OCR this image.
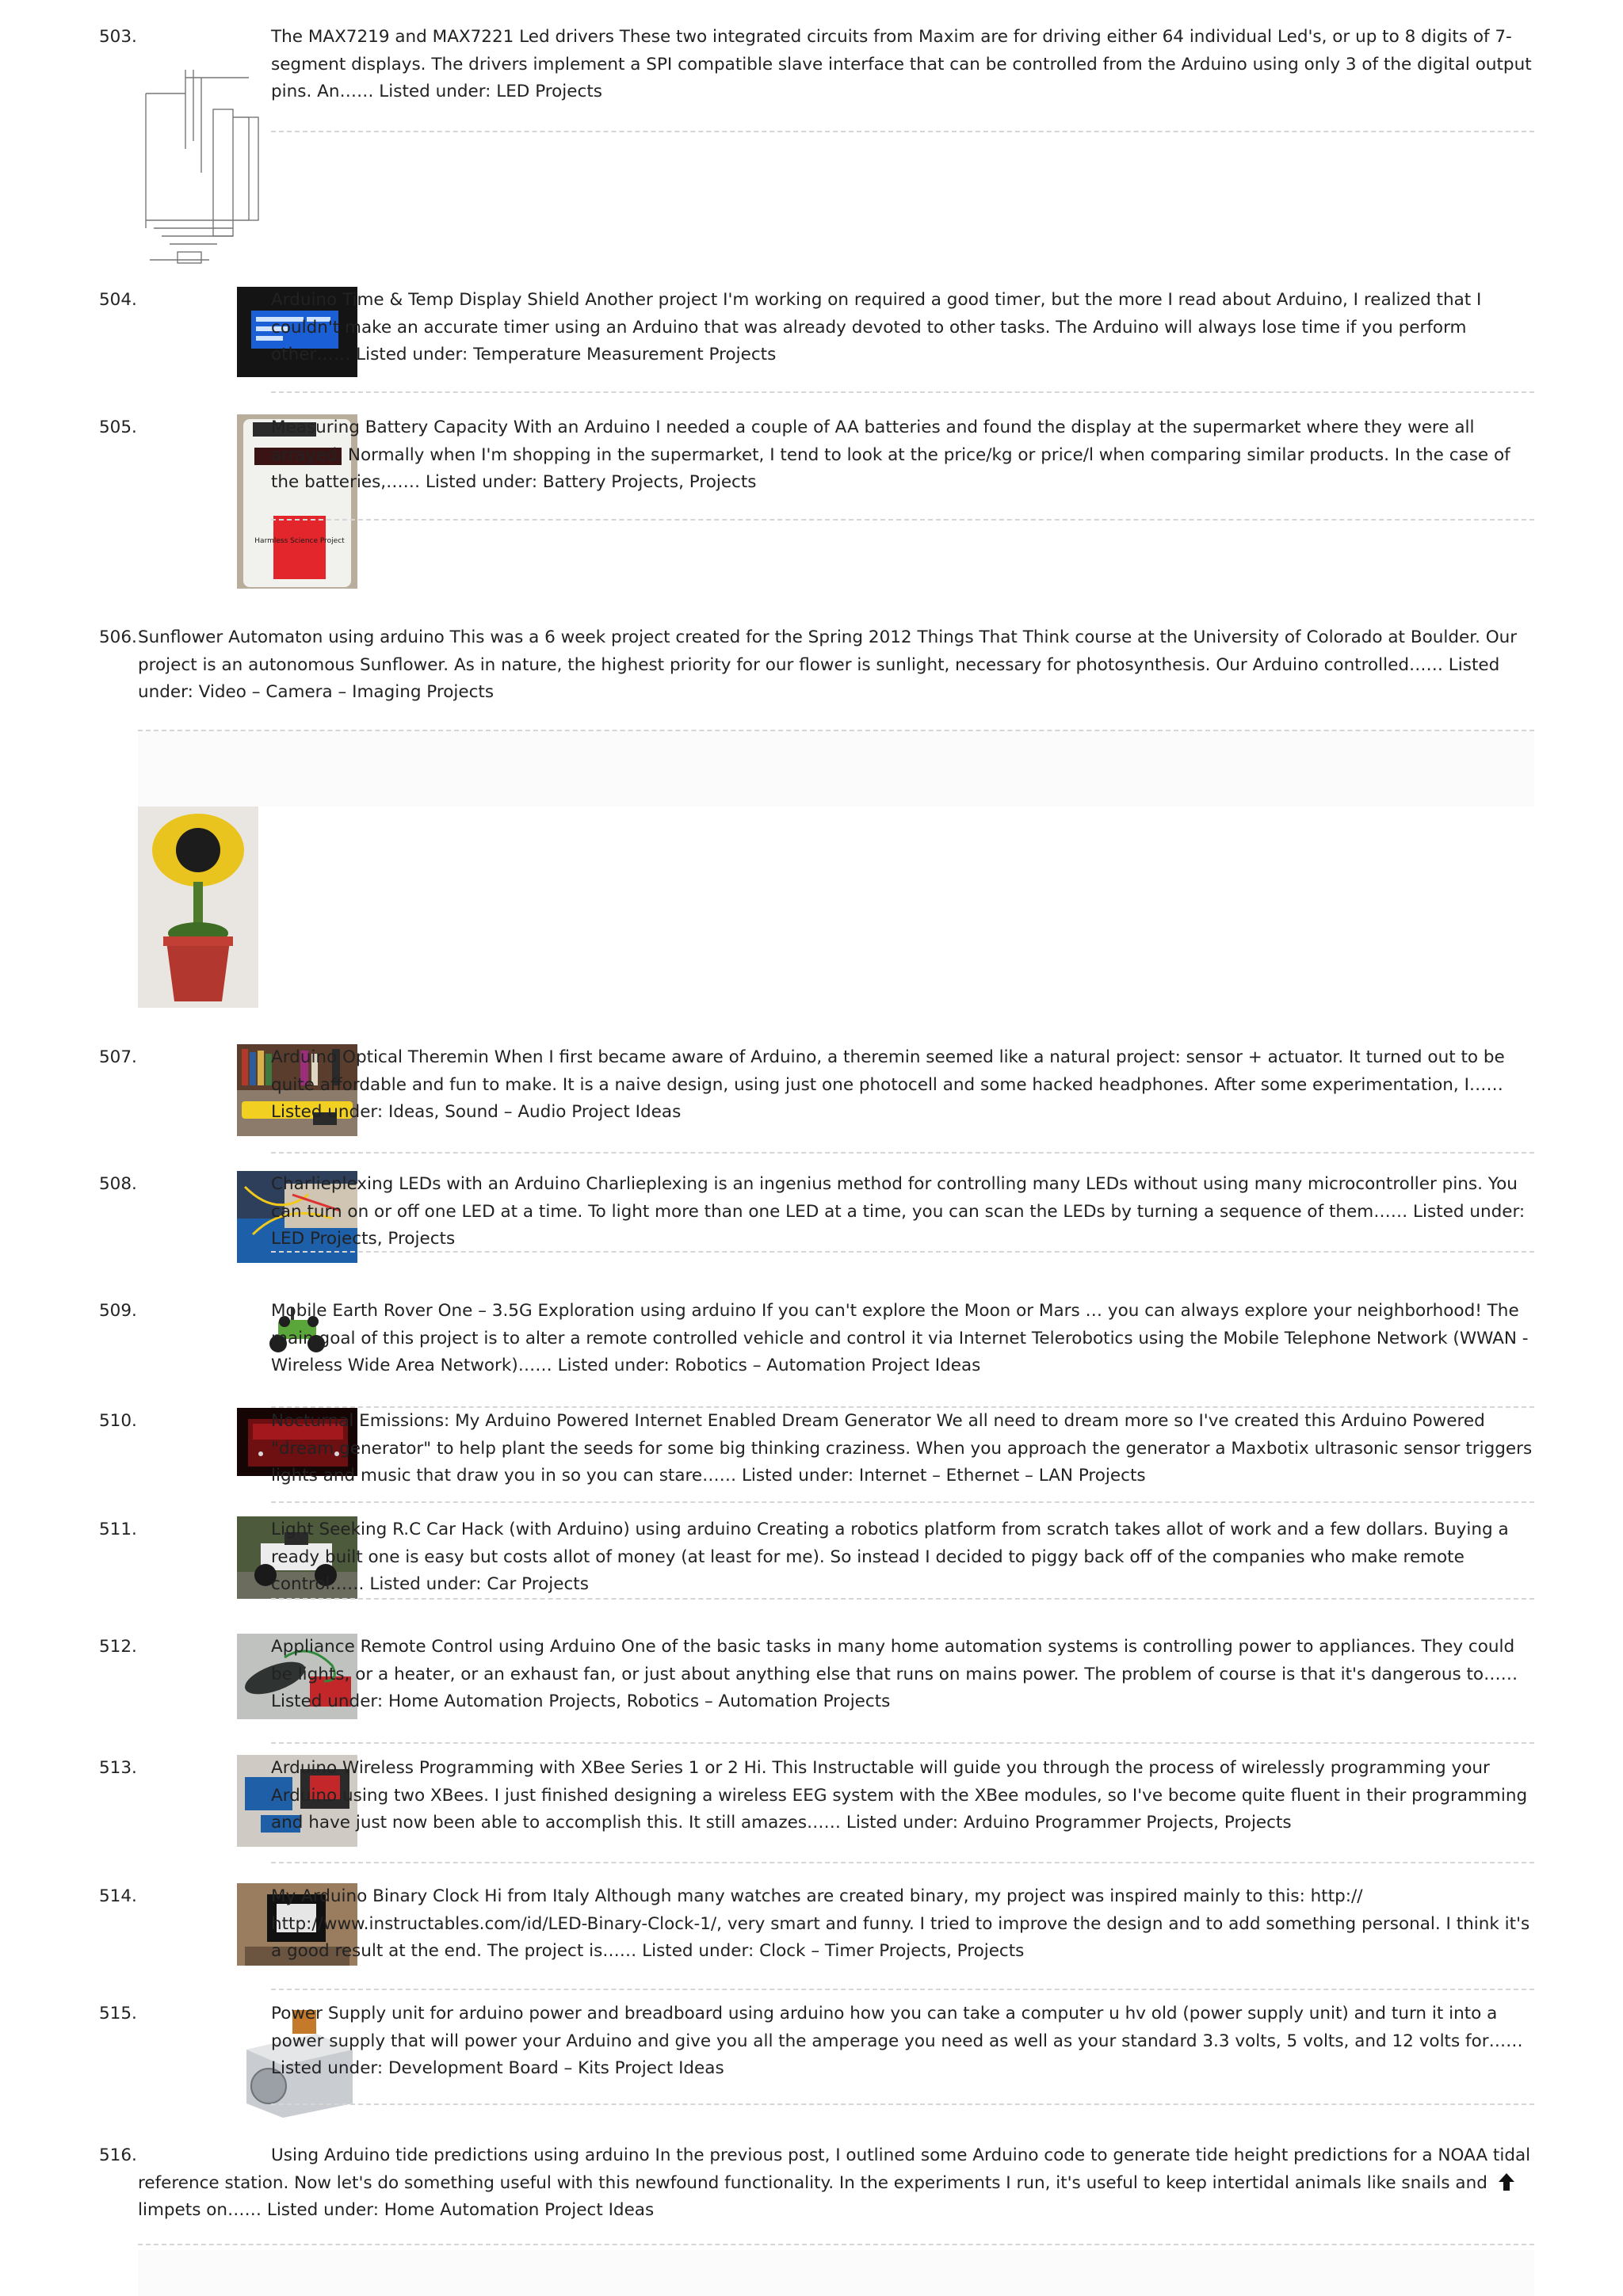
503.	The MAX7219 and MAX7221 Led drivers These two integrated circuits from Maxim are for driving either 64 individual Led's, or up to 8 digits of 7-segment displays. The drivers implement a SPI compatible slave interface that can be controlled from the Arduino using only 3 of the digital output pins. An…… Listed under: LED Projects
504.	Arduino Time & Temp Display Shield Another project I'm working on required a good timer, but the more I read about Arduino, I realized that I couldn't make an accurate timer using an Arduino that was already devoted to other tasks. The Arduino will always lose time if you perform other…… Listed under: Temperature Measurement Projects
505.
Harmless Science Project
Measuring Battery Capacity With an Arduino I needed a couple of AA batteries and found the display at the supermarket where they were all arrayed. Normally when I'm shopping in the supermarket, I tend to look at the price/kg or price/l when comparing similar products. In the case of the batteries,…… Listed under: Battery Projects, Projects
506. Sunflower Automaton using arduino This was a 6 week project created for the Spring 2012 Things That Think course at the University of Colorado at Boulder. Our project is an autonomous Sunflower. As in nature, the highest priority for our flower is sunlight, necessary for photosynthesis. Our Arduino controlled…… Listed under: Video – Camera – Imaging Projects
507.	Arduino Optical Theremin When I first became aware of Arduino, a theremin seemed like a natural project: sensor + actuator. It turned out to be quite affordable and fun to make. It is a naive design, using just one photocell and some hacked headphones. After some experimentation, I…… Listed under: Ideas, Sound – Audio Project Ideas
508.	Charlieplexing LEDs with an Arduino Charlieplexing is an ingenius method for controlling many LEDs without using many microcontroller pins. You can turn on or off one LED at a time. To light more than one LED at a time, you can scan the LEDs by turning a sequence of them…… Listed under: LED Projects, Projects
509.	Mobile Earth Rover One – 3.5G Exploration using arduino If you can't explore the Moon or Mars … you can always explore your neighborhood! The main goal of this project is to alter a remote controlled vehicle and control it via Internet Telerobotics using the Mobile Telephone Network (WWAN - Wireless Wide Area Network)…… Listed under: Robotics – Automation Project Ideas
510.	Nocturnal Emissions: My Arduino Powered Internet Enabled Dream Generator We all need to dream more so I've created this Arduino Powered "dream generator" to help plant the seeds for some big thinking craziness. When you approach the generator a Maxbotix ultrasonic sensor triggers lights and music that draw you in so you can stare…… Listed under: Internet – Ethernet – LAN Projects
511.	Light Seeking R.C Car Hack (with Arduino) using arduino Creating a robotics platform from scratch takes allot of work and a few dollars. Buying a ready built one is easy but costs allot of money (at least for me). So instead I decided to piggy back off of the companies who make remote control…… Listed under: Car Projects
512.	Appliance Remote Control using Arduino One of the basic tasks in many home automation systems is controlling power to appliances. They could be lights, or a heater, or an exhaust fan, or just about anything else that runs on mains power. The problem of course is that it's dangerous to…… Listed under: Home Automation Projects, Robotics – Automation Projects
513.	Arduino Wireless Programming with XBee Series 1 or 2 Hi. This Instructable will guide you through the process of wirelessly programming your Arduino using two XBees. I just finished designing a wireless EEG system with the XBee modules, so I've become quite fluent in their programming and have just now been able to accomplish this. It still amazes…… Listed under: Arduino Programmer Projects, Projects
514.	My Arduino Binary Clock Hi from Italy Although many watches are created binary, my project was inspired mainly to this: http:// http://www.instructables.com/id/LED-Binary-Clock-1/, very smart and funny. I tried to improve the design and to add something personal. I think it's a good result at the end. The project is…… Listed under: Clock – Timer Projects, Projects
515.	Power Supply unit for arduino power and breadboard using arduino how you can take a computer u hv old (power supply unit) and turn it into a power supply that will power your Arduino and give you all the amperage you need as well as your standard 3.3 volts, 5 volts, and 12 volts for…… Listed under: Development Board – Kits Project Ideas
516.	Using Arduino tide predictions using arduino In the previous post, I outlined some Arduino code to generate tide height predictions for a NOAA tidal reference station. Now let's do something useful with this newfound functionality. In the experiments I run, it's useful to keep intertidal animals like snails and limpets on…… Listed under: Home Automation Project Ideas
